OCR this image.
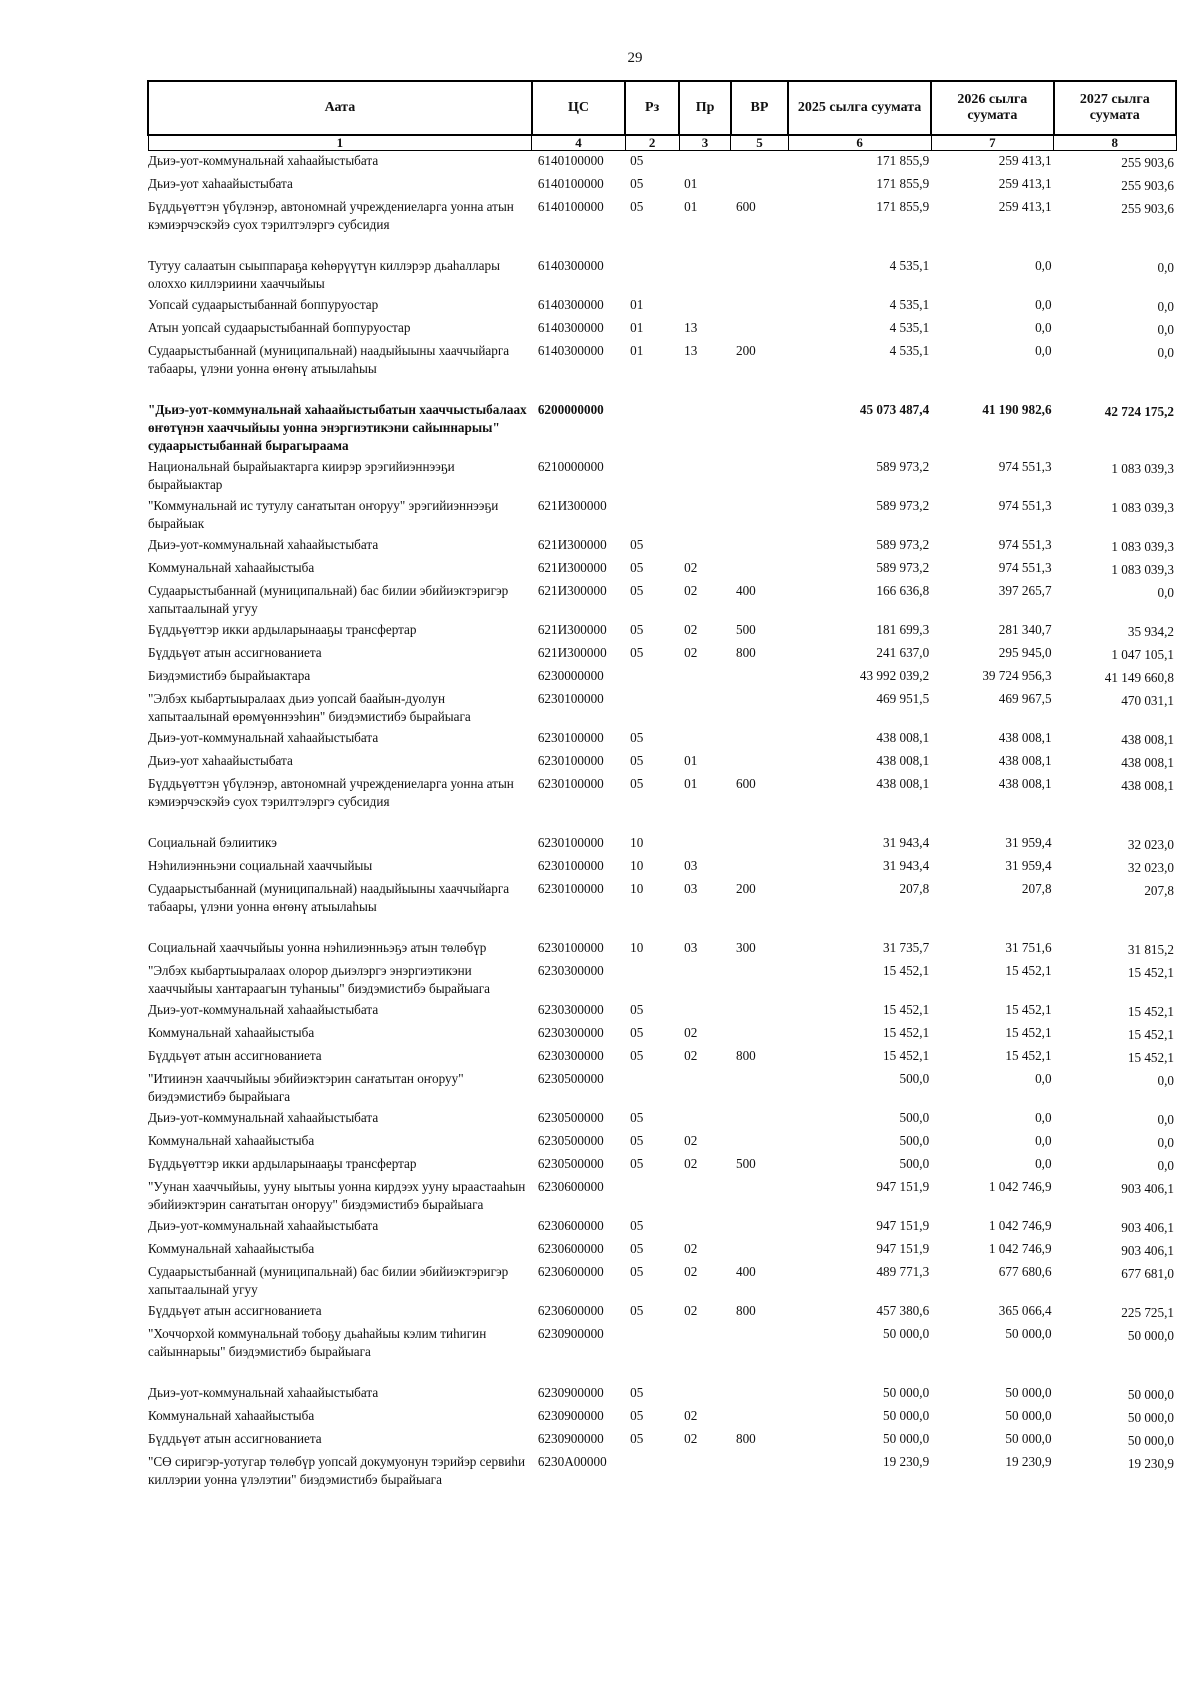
29
Аата	ЦС	Рз	Пр	ВР	2025 сылга суумата	2026 сылга суумата	2027 сылга суумата
1	4	2	3	5	6	7	8
Дьиэ-уот-коммунальнай хаһаайыстыбата	6140100000	05			171 855,9	259 413,1	255 903,6
Дьиэ-уот хаһаайыстыбата	6140100000	05	01		171 855,9	259 413,1	255 903,6
Бүддьүөттэн үбүлэнэр, автономнай учреждениеларга уонна атын кэмиэрчэскэйэ суох тэрилтэлэргэ субсидия	6140100000	05	01	600	171 855,9	259 413,1	255 903,6
Тутуу салаатын сыыппараҕа көһөрүүтүн киллэрэр дьаһаллары олоххо киллэриини хааччыйыы	6140300000				4 535,1	0,0	0,0
Уопсай судаарыстыбаннай боппуруостар	6140300000	01			4 535,1	0,0	0,0
Атын уопсай судаарыстыбаннай боппуруостар	6140300000	01	13		4 535,1	0,0	0,0
Судаарыстыбаннай (муниципальнай) наадыйыыны хааччыйарга табаары, үлэни уонна өҥөнү атыылаһыы	6140300000	01	13	200	4 535,1	0,0	0,0
"Дьиэ-уот-коммунальнай хаһаайыстыбатын хааччыстыбалаах өҥөтүнэн хааччыйыы уонна энэргиэтикэни сайыннарыы" судаарыстыбаннай бырагыраама	6200000000				45 073 487,4	41 190 982,6	42 724 175,2
Национальнай бырайыактарга киирэр эрэгийиэннээҕи бырайыактар	6210000000				589 973,2	974 551,3	1 083 039,3
"Коммунальнай ис тутулу саҥатытан оҥоруу" эрэгийиэннээҕи бырайыак	621И300000				589 973,2	974 551,3	1 083 039,3
Дьиэ-уот-коммунальнай хаһаайыстыбата	621И300000	05			589 973,2	974 551,3	1 083 039,3
Коммунальнай хаһаайыстыба	621И300000	05	02		589 973,2	974 551,3	1 083 039,3
Судаарыстыбаннай (муниципальнай) бас билии эбийиэктэригэр хапытаалынай угуу	621И300000	05	02	400	166 636,8	397 265,7	0,0
Бүддьүөттэр икки ардыларынааҕы трансфертар	621И300000	05	02	500	181 699,3	281 340,7	35 934,2
Бүддьүөт атын ассигнованиета	621И300000	05	02	800	241 637,0	295 945,0	1 047 105,1
Биэдэмистибэ бырайыактара	6230000000				43 992 039,2	39 724 956,3	41 149 660,8
"Элбэх кыбартыыралаах дьиэ уопсай баайын-дуолун хапытаалынай өрөмүөннээһин" биэдэмистибэ бырайыага	6230100000				469 951,5	469 967,5	470 031,1
Дьиэ-уот-коммунальнай хаһаайыстыбата	6230100000	05			438 008,1	438 008,1	438 008,1
Дьиэ-уот хаһаайыстыбата	6230100000	05	01		438 008,1	438 008,1	438 008,1
Бүддьүөттэн үбүлэнэр, автономнай учреждениеларга уонна атын кэмиэрчэскэйэ суох тэрилтэлэргэ субсидия	6230100000	05	01	600	438 008,1	438 008,1	438 008,1
Социальнай бэлиитикэ	6230100000	10			31 943,4	31 959,4	32 023,0
Нэһилиэнньэни социальнай хааччыйыы	6230100000	10	03		31 943,4	31 959,4	32 023,0
Судаарыстыбаннай (муниципальнай) наадыйыыны хааччыйарга табаары, үлэни уонна өҥөнү атыылаһыы	6230100000	10	03	200	207,8	207,8	207,8
Социальнай хааччыйыы уонна нэһилиэнньэҕэ атын төлөбүр	6230100000	10	03	300	31 735,7	31 751,6	31 815,2
"Элбэх кыбартыыралаах олорор дьиэлэргэ энэргиэтикэни хааччыйыы хантараагын туһаныы" биэдэмистибэ бырайыага	6230300000				15 452,1	15 452,1	15 452,1
Дьиэ-уот-коммунальнай хаһаайыстыбата	6230300000	05			15 452,1	15 452,1	15 452,1
Коммунальнай хаһаайыстыба	6230300000	05	02		15 452,1	15 452,1	15 452,1
Бүддьүөт атын ассигнованиета	6230300000	05	02	800	15 452,1	15 452,1	15 452,1
"Итиинэн хааччыйыы эбийиэктэрин саҥатытан оҥоруу" биэдэмистибэ бырайыага	6230500000				500,0	0,0	0,0
Дьиэ-уот-коммунальнай хаһаайыстыбата	6230500000	05			500,0	0,0	0,0
Коммунальнай хаһаайыстыба	6230500000	05	02		500,0	0,0	0,0
Бүддьүөттэр икки ардыларынааҕы трансфертар	6230500000	05	02	500	500,0	0,0	0,0
"Уунан хааччыйыы, ууну ыытыы уонна кирдээх ууну ыраастааһын эбийиэктэрин саҥатытан оҥоруу" биэдэмистибэ бырайыага	6230600000				947 151,9	1 042 746,9	903 406,1
Дьиэ-уот-коммунальнай хаһаайыстыбата	6230600000	05			947 151,9	1 042 746,9	903 406,1
Коммунальнай хаһаайыстыба	6230600000	05	02		947 151,9	1 042 746,9	903 406,1
Судаарыстыбаннай (муниципальнай) бас билии эбийиэктэригэр хапытаалынай угуу	6230600000	05	02	400	489 771,3	677 680,6	677 681,0
Бүддьүөт атын ассигнованиета	6230600000	05	02	800	457 380,6	365 066,4	225 725,1
"Хоччорхой коммунальнай тобоҕу дьаһайыы кэлим тиһигин сайыннарыы" биэдэмистибэ бырайыага	6230900000				50 000,0	50 000,0	50 000,0
Дьиэ-уот-коммунальнай хаһаайыстыбата	6230900000	05			50 000,0	50 000,0	50 000,0
Коммунальнай хаһаайыстыба	6230900000	05	02		50 000,0	50 000,0	50 000,0
Бүддьүөт атын ассигнованиета	6230900000	05	02	800	50 000,0	50 000,0	50 000,0
"СӨ сиригэр-уотугар төлөбүр уопсай докумуонун тэрийэр сервиһи киллэрии уонна үлэлэтии" биэдэмистибэ бырайыага	6230А00000				19 230,9	19 230,9	19 230,9
